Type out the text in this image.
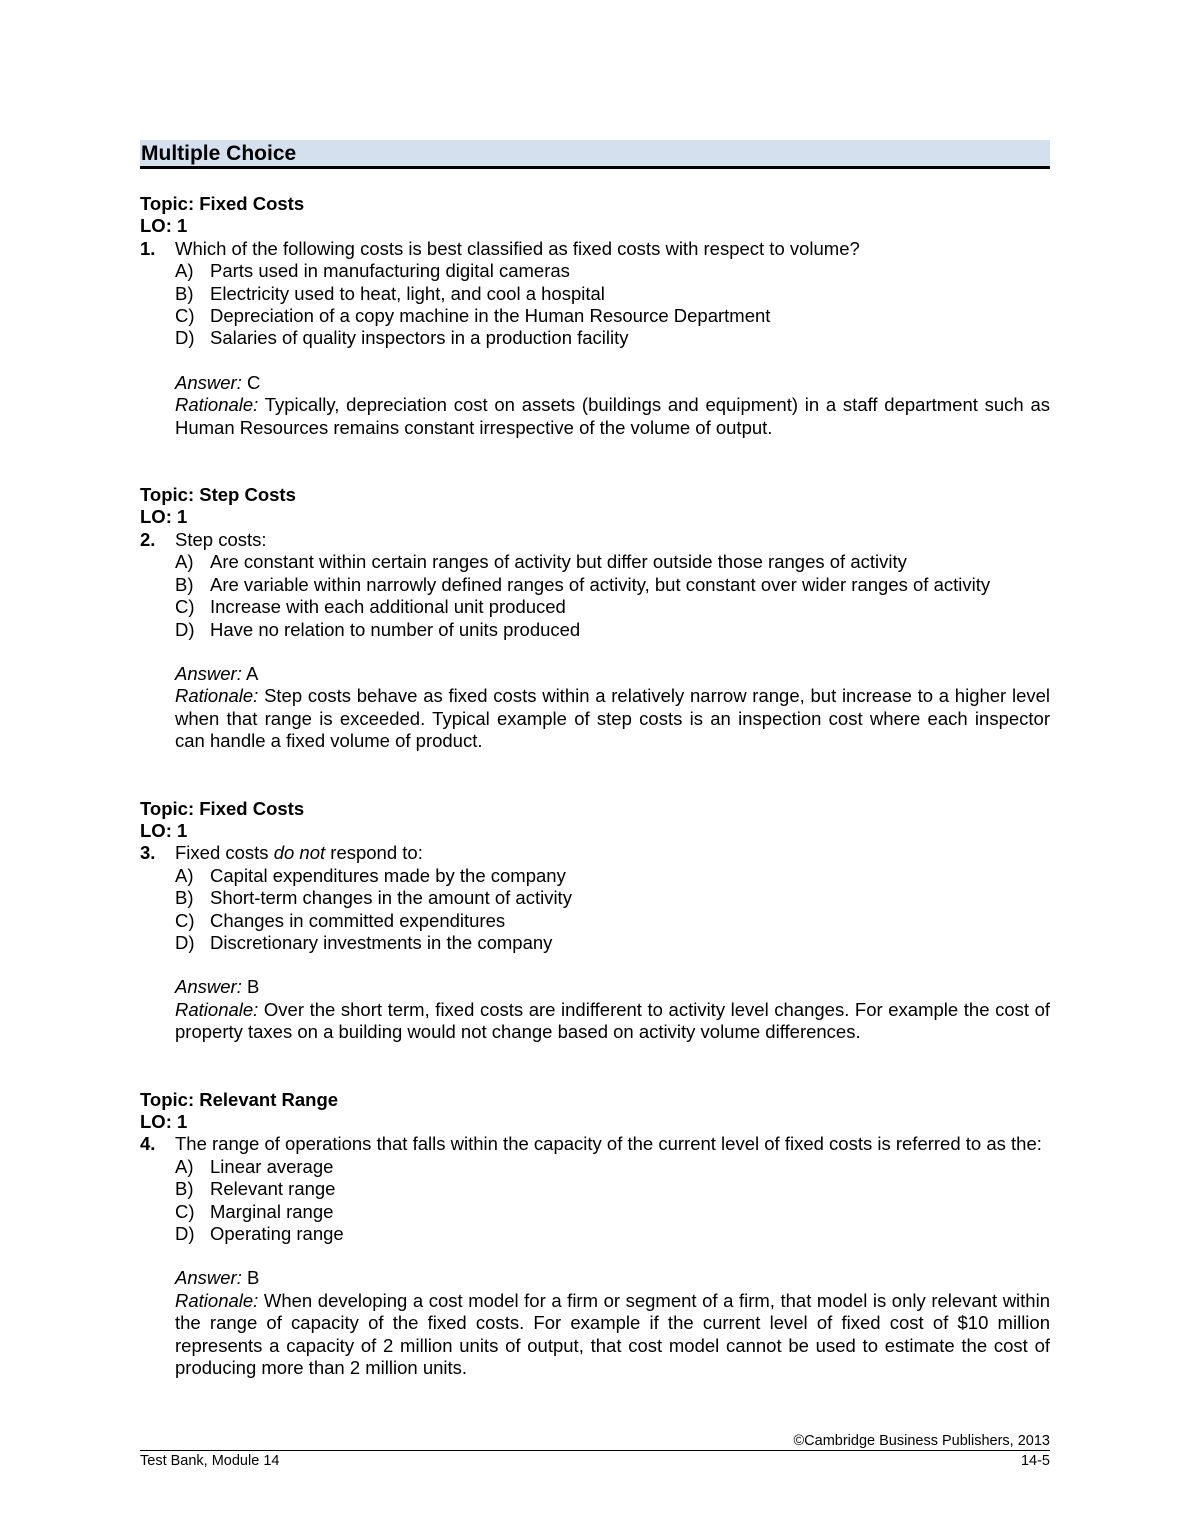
Multiple Choice
Topic: Fixed Costs
LO: 1
1.	Which of the following costs is best classified as fixed costs with respect to volume?
A) Parts used in manufacturing digital cameras
B) Electricity used to heat, light, and cool a hospital
C) Depreciation of a copy machine in the Human Resource Department
D) Salaries of quality inspectors in a production facility
Answer: C
Rationale: Typically, depreciation cost on assets (buildings and equipment) in a staff department such as Human Resources remains constant irrespective of the volume of output.
Topic: Step Costs
LO: 1
2.	Step costs:
A) Are constant within certain ranges of activity but differ outside those ranges of activity
B) Are variable within narrowly defined ranges of activity, but constant over wider ranges of activity
C) Increase with each additional unit produced
D) Have no relation to number of units produced
Answer: A
Rationale: Step costs behave as fixed costs within a relatively narrow range, but increase to a higher level when that range is exceeded. Typical example of step costs is an inspection cost where each inspector can handle a fixed volume of product.
Topic: Fixed Costs
LO: 1
3.	Fixed costs do not respond to:
A) Capital expenditures made by the company
B) Short-term changes in the amount of activity
C) Changes in committed expenditures
D) Discretionary investments in the company
Answer: B
Rationale: Over the short term, fixed costs are indifferent to activity level changes. For example the cost of property taxes on a building would not change based on activity volume differences.
Topic: Relevant Range
LO: 1
4.	The range of operations that falls within the capacity of the current level of fixed costs is referred to as the:
A) Linear average
B) Relevant range
C) Marginal range
D) Operating range
Answer: B
Rationale: When developing a cost model for a firm or segment of a firm, that model is only relevant within the range of capacity of the fixed costs. For example if the current level of fixed cost of $10 million represents a capacity of 2 million units of output, that cost model cannot be used to estimate the cost of producing more than 2 million units.
©Cambridge Business Publishers, 2013
Test Bank, Module 14	14-5
